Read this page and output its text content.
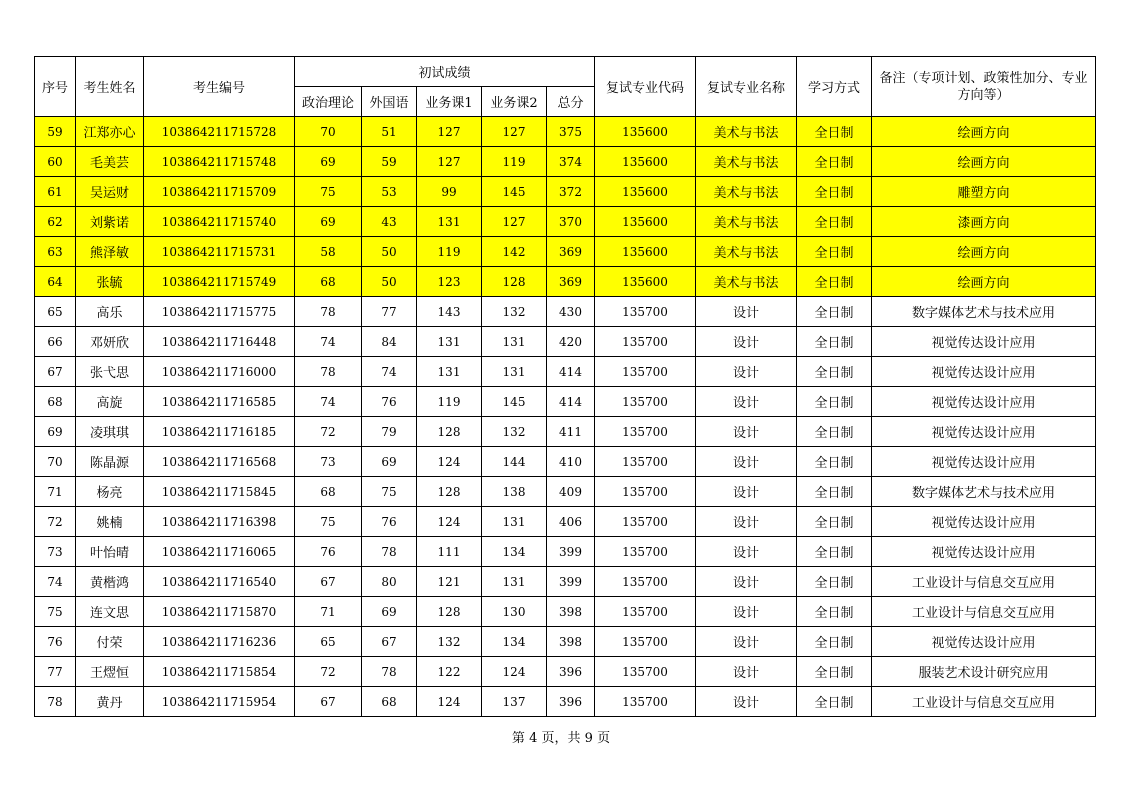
序号	考生姓名	考生编号	初试成绩					复试专业代码	复试专业名称	学习方式	备注（专项计划、政策性加分、专业方向等）
			政治理论	外国语	业务课1	业务课2	总分				
59	江郑亦心	103864211715728	70	51	127	127	375	135600	美术与书法	全日制	绘画方向
60	毛美芸	103864211715748	69	59	127	119	374	135600	美术与书法	全日制	绘画方向
61	吴运财	103864211715709	75	53	99	145	372	135600	美术与书法	全日制	雕塑方向
62	刘紫诺	103864211715740	69	43	131	127	370	135600	美术与书法	全日制	漆画方向
63	熊泽敏	103864211715731	58	50	119	142	369	135600	美术与书法	全日制	绘画方向
64	张毓	103864211715749	68	50	123	128	369	135600	美术与书法	全日制	绘画方向
65	高乐	103864211715775	78	77	143	132	430	135700	设计	全日制	数字媒体艺术与技术应用
66	邓妍欣	103864211716448	74	84	131	131	420	135700	设计	全日制	视觉传达设计应用
67	张弋思	103864211716000	78	74	131	131	414	135700	设计	全日制	视觉传达设计应用
68	高旋	103864211716585	74	76	119	145	414	135700	设计	全日制	视觉传达设计应用
69	凌琪琪	103864211716185	72	79	128	132	411	135700	设计	全日制	视觉传达设计应用
70	陈晶源	103864211716568	73	69	124	144	410	135700	设计	全日制	视觉传达设计应用
71	杨亮	103864211715845	68	75	128	138	409	135700	设计	全日制	数字媒体艺术与技术应用
72	姚楠	103864211716398	75	76	124	131	406	135700	设计	全日制	视觉传达设计应用
73	叶怡晴	103864211716065	76	78	111	134	399	135700	设计	全日制	视觉传达设计应用
74	黄楷鸿	103864211716540	67	80	121	131	399	135700	设计	全日制	工业设计与信息交互应用
75	连文思	103864211715870	71	69	128	130	398	135700	设计	全日制	工业设计与信息交互应用
76	付荣	103864211716236	65	67	132	134	398	135700	设计	全日制	视觉传达设计应用
77	王熤恒	103864211715854	72	78	122	124	396	135700	设计	全日制	服装艺术设计研究应用
78	黄丹	103864211715954	67	68	124	137	396	135700	设计	全日制	工业设计与信息交互应用
第 4 页，共 9 页
